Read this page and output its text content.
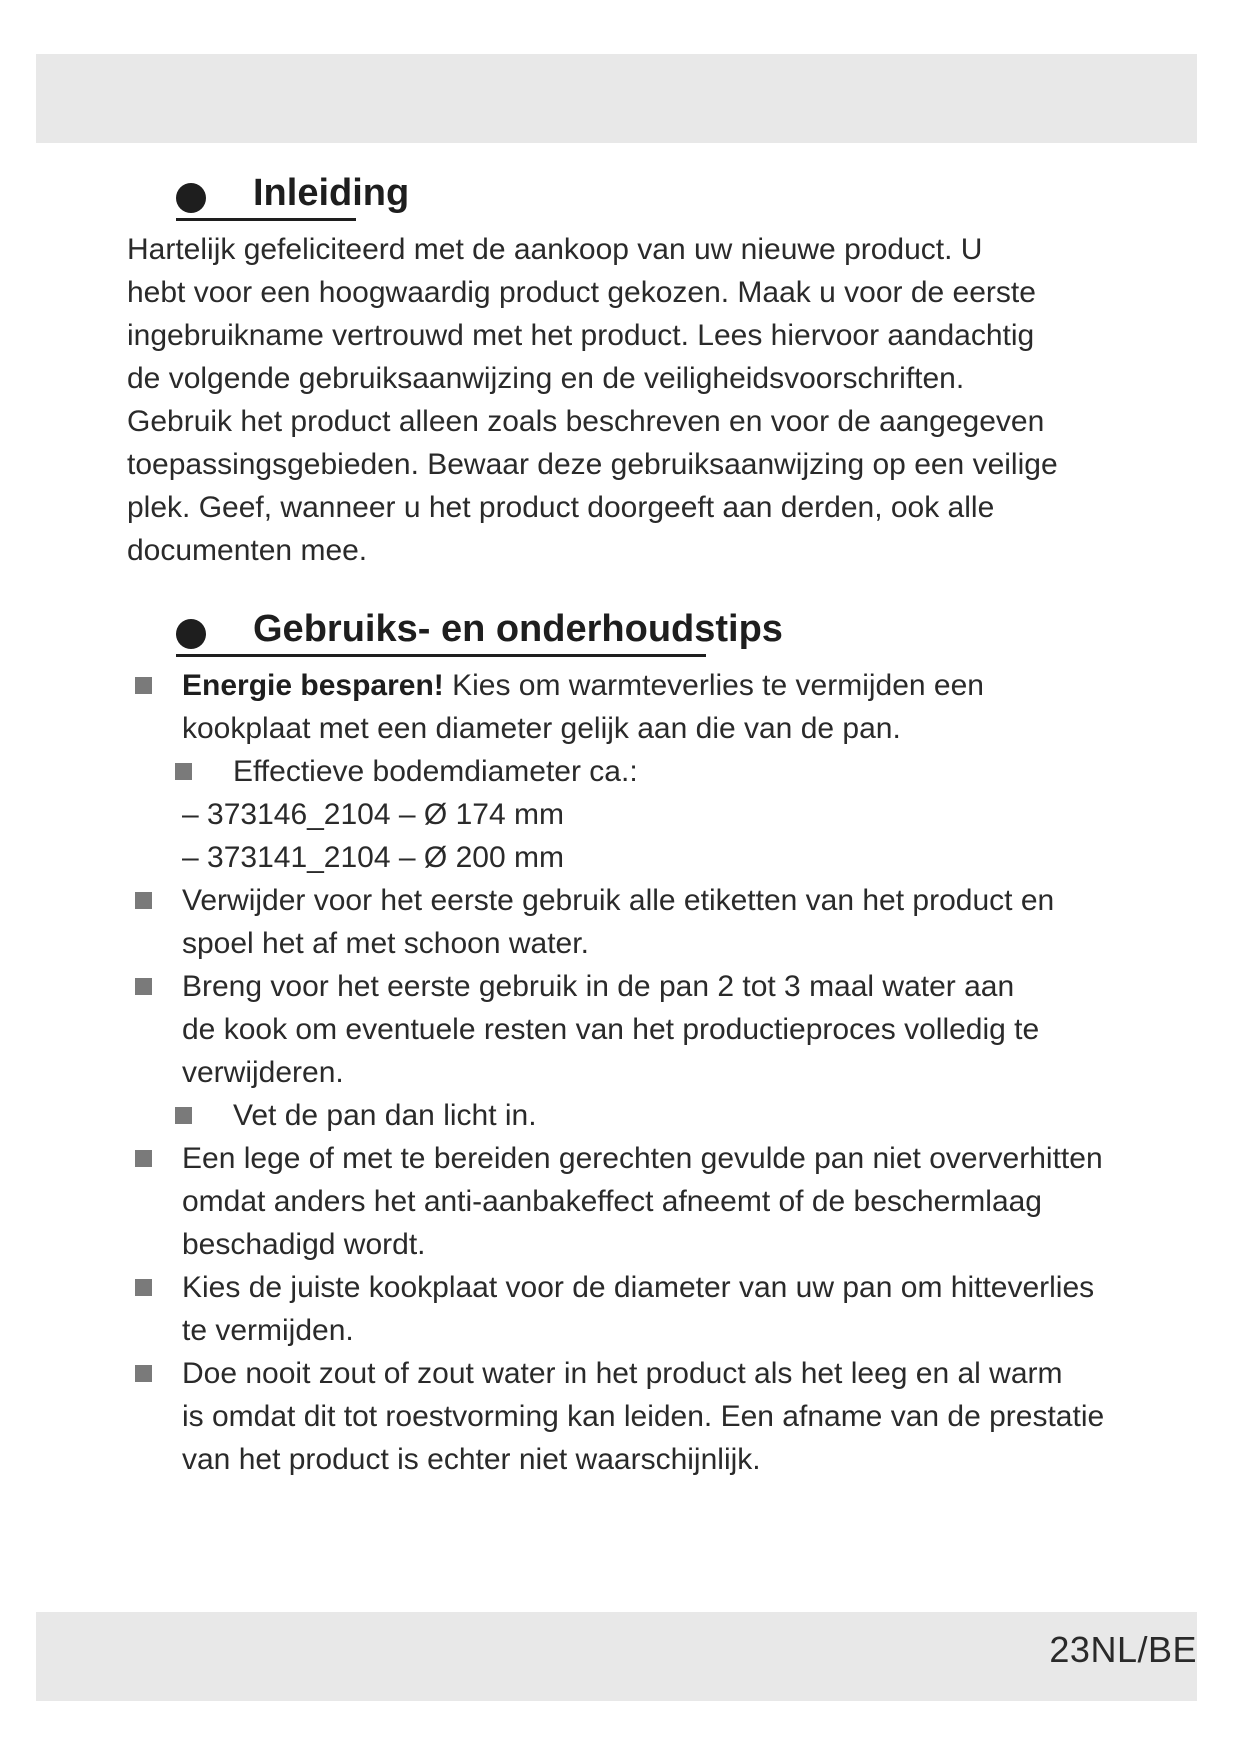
Inleiding
Hartelijk gefeliciteerd met de aankoop van uw nieuwe product. U
hebt voor een hoogwaardig product gekozen. Maak u voor de eerste
ingebruikname vertrouwd met het product. Lees hiervoor aandachtig
de volgende gebruiksaanwijzing en de veiligheidsvoorschriften.
Gebruik het product alleen zoals beschreven en voor de aangegeven
toepassingsgebieden. Bewaar deze gebruiksaanwijzing op een veilige
plek. Geef, wanneer u het product doorgeeft aan derden, ook alle
documenten mee.
Gebruiks- en onderhoudstips
Energie besparen! Kies om warmteverlies te vermijden een
kookplaat met een diameter gelijk aan die van de pan.
Effectieve bodemdiameter ca.:
– 373146_2104 – Ø 174 mm
– 373141_2104 – Ø 200 mm
Verwijder voor het eerste gebruik alle etiketten van het product en
spoel het af met schoon water.
Breng voor het eerste gebruik in de pan 2 tot 3 maal water aan
de kook om eventuele resten van het productieproces volledig te
verwijderen.
Vet de pan dan licht in.
Een lege of met te bereiden gerechten gevulde pan niet oververhitten
omdat anders het anti-aanbakeffect afneemt of de beschermlaag
beschadigd wordt.
Kies de juiste kookplaat voor de diameter van uw pan om hitteverlies
te vermijden.
Doe nooit zout of zout water in het product als het leeg en al warm
is omdat dit tot roestvorming kan leiden. Een afname van de prestatie
van het product is echter niet waarschijnlijk.
23NL/BE
